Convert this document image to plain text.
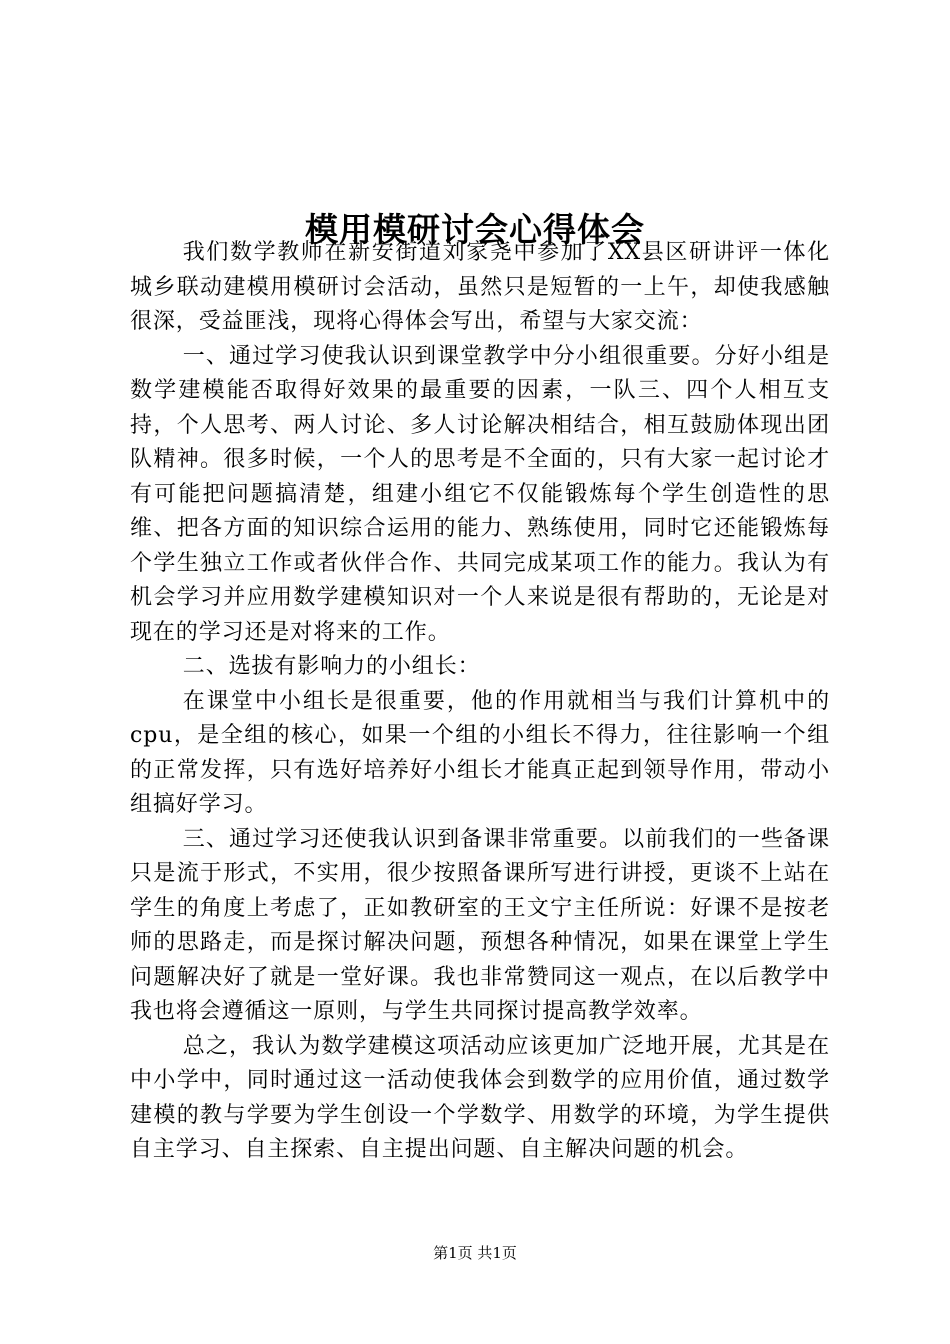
模用模研讨会心得体会

我们数学教师在新安街道刘家尧中参加了XX县区研讲评一体化城乡联动建模用模研讨会活动，虽然只是短暂的一上午，却使我感触很深，受益匪浅，现将心得体会写出，希望与大家交流：

一、通过学习使我认识到课堂教学中分小组很重要。分好小组是数学建模能否取得好效果的最重要的因素，一队三、四个人相互支持，个人思考、两人讨论、多人讨论解决相结合，相互鼓励体现出团队精神。很多时候，一个人的思考是不全面的，只有大家一起讨论才有可能把问题搞清楚，组建小组它不仅能锻炼每个学生创造性的思维、把各方面的知识综合运用的能力、熟练使用，同时它还能锻炼每个学生独立工作或者伙伴合作、共同完成某项工作的能力。我认为有机会学习并应用数学建模知识对一个人来说是很有帮助的，无论是对现在的学习还是对将来的工作。

二、选拔有影响力的小组长：

在课堂中小组长是很重要，他的作用就相当与我们计算机中的cpu，是全组的核心，如果一个组的小组长不得力，往往影响一个组的正常发挥，只有选好培养好小组长才能真正起到领导作用，带动小组搞好学习。

三、通过学习还使我认识到备课非常重要。以前我们的一些备课只是流于形式，不实用，很少按照备课所写进行讲授，更谈不上站在学生的角度上考虑了，正如教研室的王文宁主任所说：好课不是按老师的思路走，而是探讨解决问题，预想各种情况，如果在课堂上学生问题解决好了就是一堂好课。我也非常赞同这一观点，在以后教学中我也将会遵循这一原则，与学生共同探讨提高教学效率。

总之，我认为数学建模这项活动应该更加广泛地开展，尤其是在中小学中，同时通过这一活动使我体会到数学的应用价值，通过数学建模的教与学要为学生创设一个学数学、用数学的环境，为学生提供自主学习、自主探索、自主提出问题、自主解决问题的机会。

第1页 共1页
